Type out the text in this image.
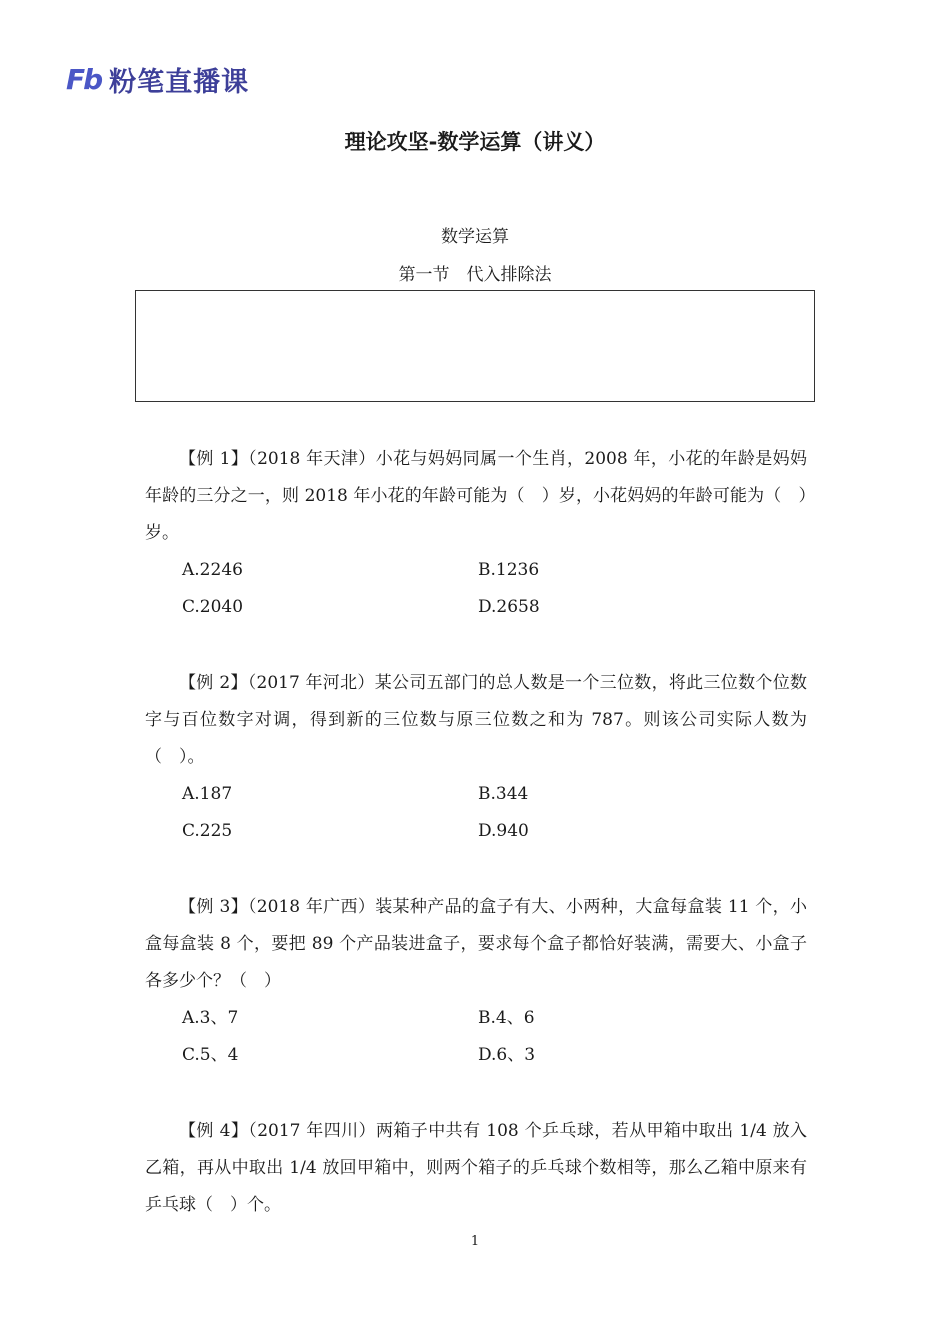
Fb 粉笔直播课
理论攻坚-数学运算（讲义）
数学运算
第一节　代入排除法

【例 1】（2018 年天津）小花与妈妈同属一个生肖，2008 年，小花的年龄是妈妈年龄的三分之一，则 2018 年小花的年龄可能为（　）岁，小花妈妈的年龄可能为（　）岁。

A.2246	B.1236
C.2040	D.2658

【例 2】（2017 年河北）某公司五部门的总人数是一个三位数，将此三位数个位数字与百位数字对调，得到新的三位数与原三位数之和为 787。则该公司实际人数为（　）。

A.187	B.344
C.225	D.940

【例 3】（2018 年广西）装某种产品的盒子有大、小两种，大盒每盒装 11 个，小盒每盒装 8 个，要把 89 个产品装进盒子，要求每个盒子都恰好装满，需要大、小盒子各多少个？（　）

A.3、7	B.4、6
C.5、4	D.6、3

【例 4】（2017 年四川）两箱子中共有 108 个乒乓球，若从甲箱中取出 1/4 放入乙箱，再从中取出 1/4 放回甲箱中，则两个箱子的乒乓球个数相等，那么乙箱中原来有乒乓球（　）个。

1
